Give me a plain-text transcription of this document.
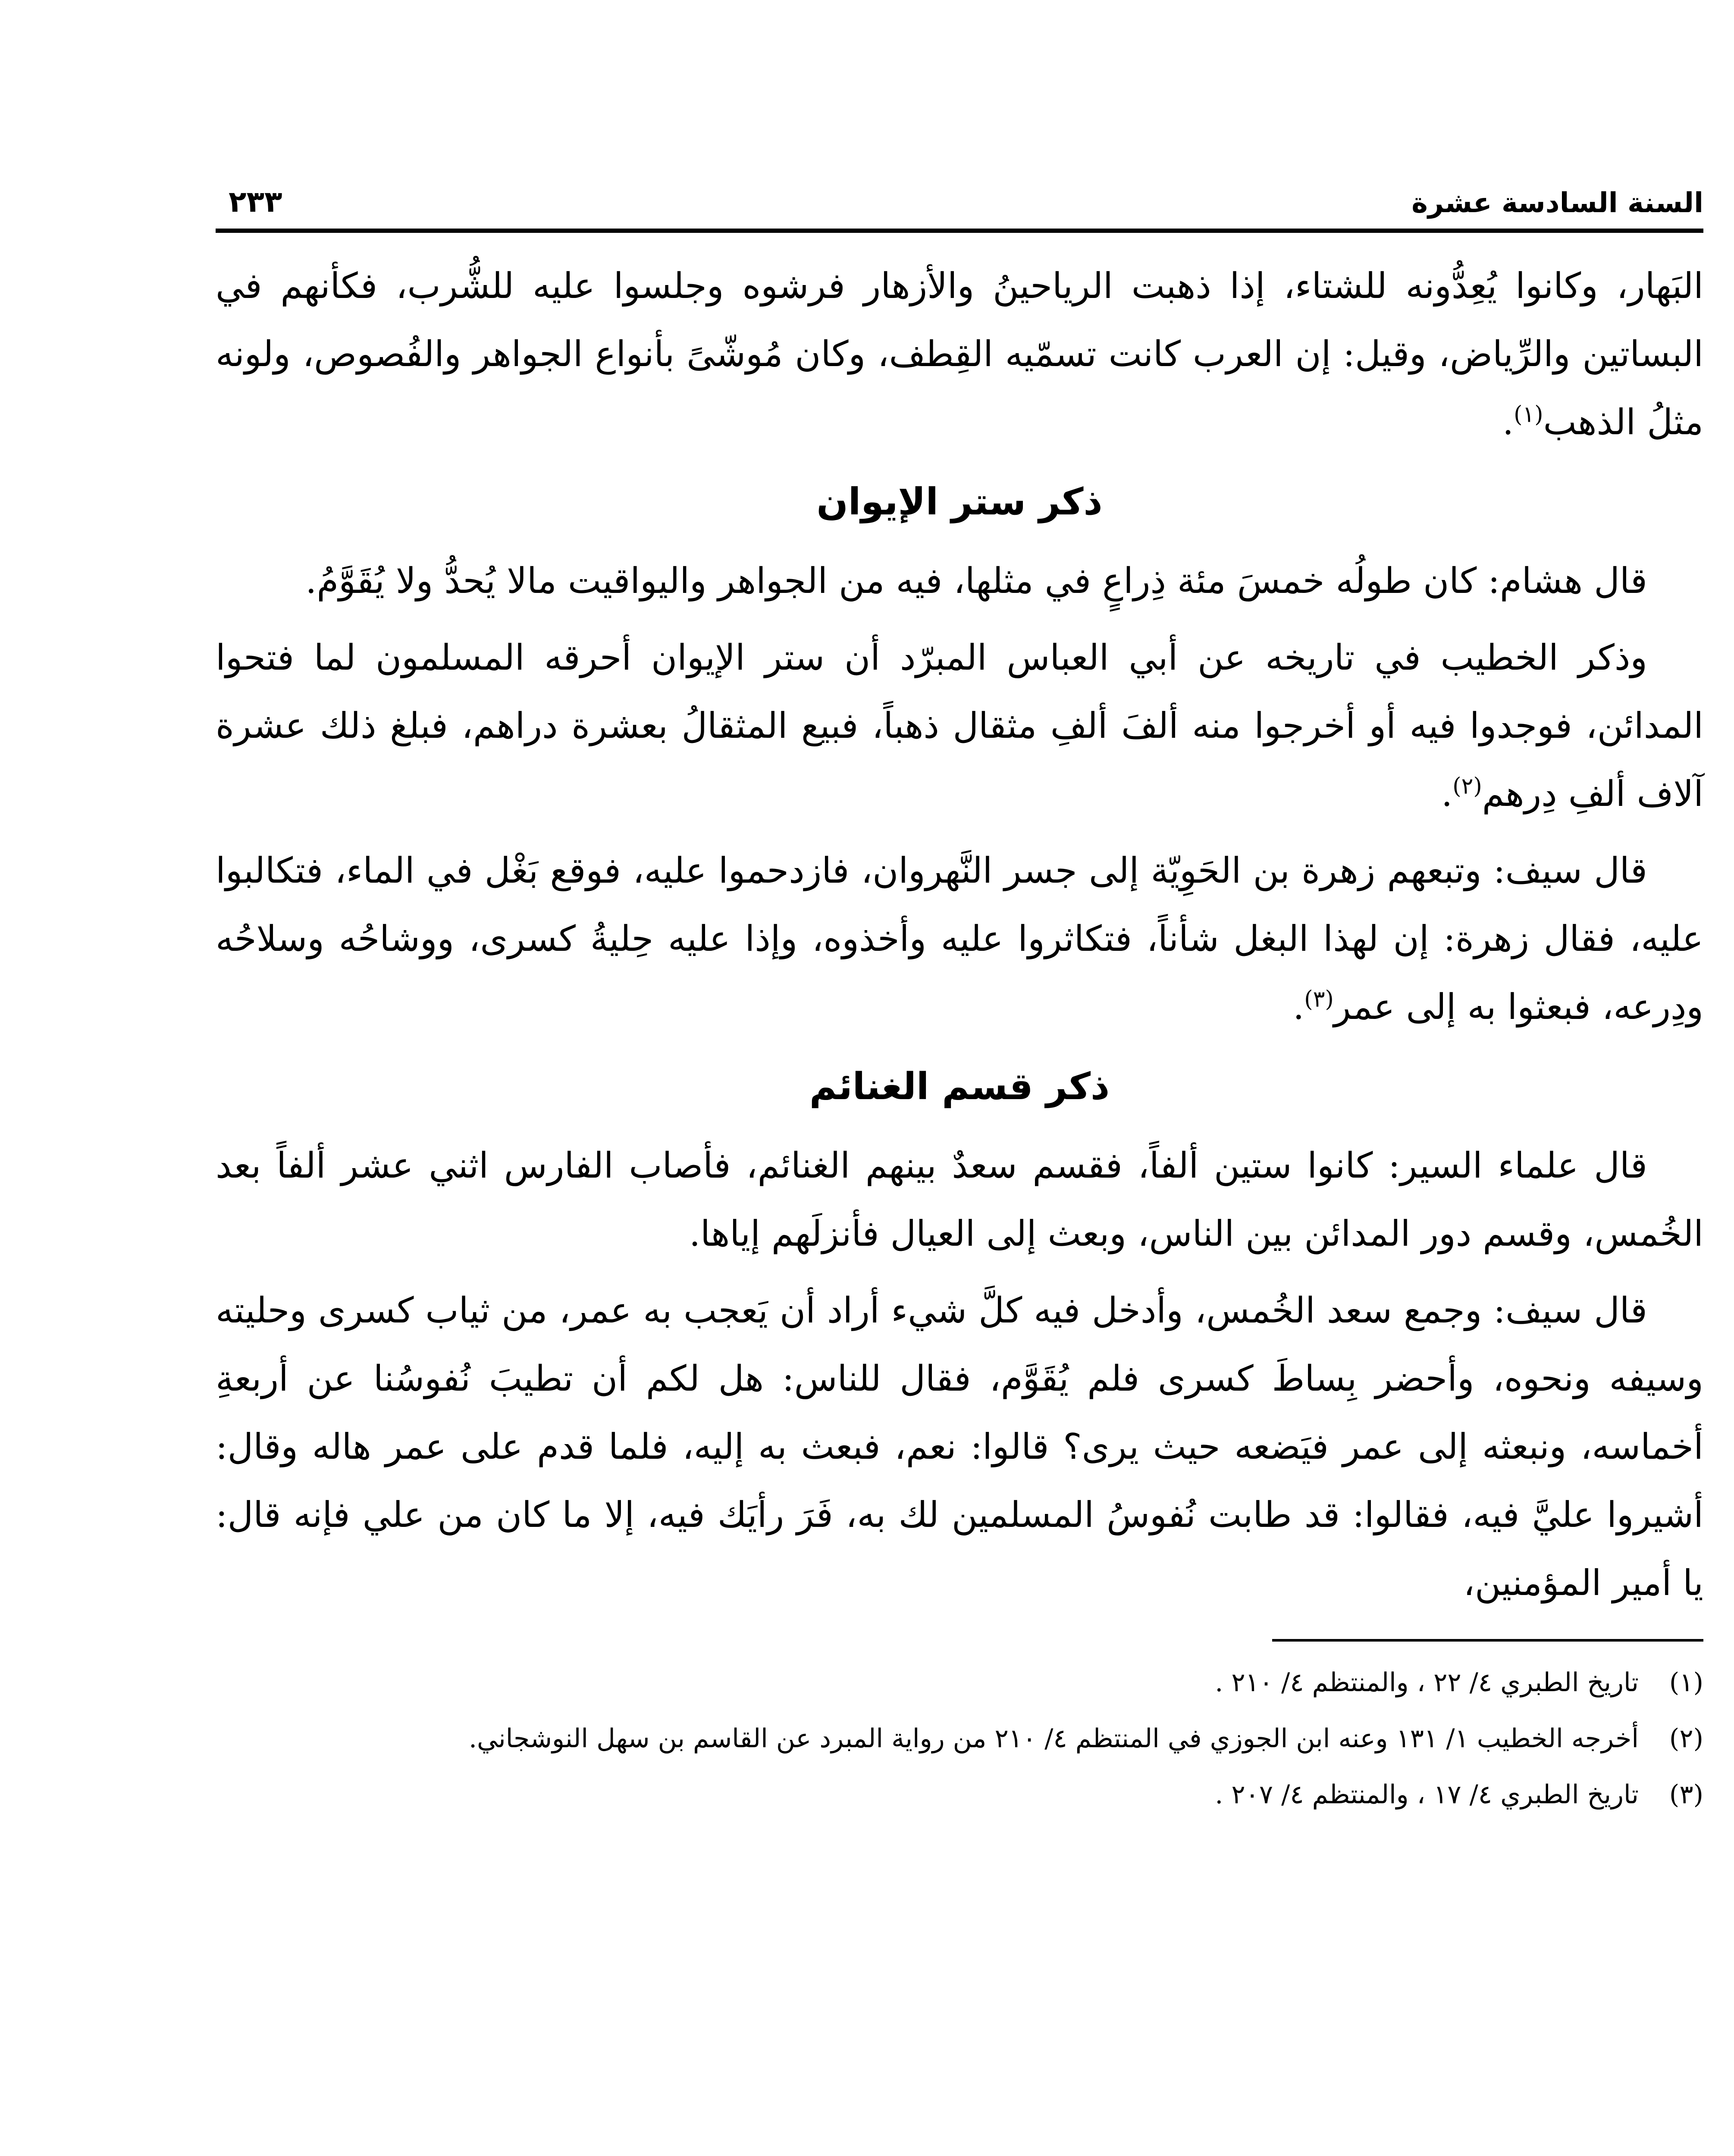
السنة السادسة عشرة
٢٣٣

البَهار، وكانوا يُعِدُّونه للشتاء، إذا ذهبت الرياحينُ والأزهار فرشوه وجلسوا عليه للشُّرب، فكأنهم في البساتين والرِّياض، وقيل: إن العرب كانت تسمّيه القِطف، وكان مُوشّىً بأنواع الجواهر والفُصوص، ولونه مثلُ الذهب$^{(١)}$.

ذكر ستر الإيوان

قال هشام: كان طولُه خمسَ مئة ذِراعٍ في مثلها، فيه من الجواهر واليواقيت مالا يُحدُّ ولا يُقَوَّمُ.

وذكر الخطيب في تاريخه عن أبي العباس المبرّد أن ستر الإيوان أحرقه المسلمون لما فتحوا المدائن، فوجدوا فيه أو أخرجوا منه ألفَ ألفِ مثقال ذهباً، فبيع المثقالُ بعشرة دراهم، فبلغ ذلك عشرة آلاف ألفِ دِرهم$^{(٢)}$.

قال سيف: وتبعهم زهرة بن الحَوِيّة إلى جسر النَّهروان، فازدحموا عليه، فوقع بَغْل في الماء، فتكالبوا عليه، فقال زهرة: إن لهذا البغل شأناً، فتكاثروا عليه وأخذوه، وإذا عليه حِليةُ كسرى، ووشاحُه وسلاحُه ودِرعه، فبعثوا به إلى عمر$^{(٣)}$.

ذكر قسم الغنائم

قال علماء السير: كانوا ستين ألفاً، فقسم سعدٌ بينهم الغنائم، فأصاب الفارس اثني عشر ألفاً بعد الخُمس، وقسم دور المدائن بين الناس، وبعث إلى العيال فأنزلَهم إياها.

قال سيف: وجمع سعد الخُمس، وأدخل فيه كلَّ شيء أراد أن يَعجب به عمر، من ثياب كسرى وحليته وسيفه ونحوه، وأحضر بِساطَ كسرى فلم يُقَوَّم، فقال للناس: هل لكم أن تطيبَ نُفوسُنا عن أربعةِ أخماسه، ونبعثه إلى عمر فيَضعه حيث يرى؟ قالوا: نعم، فبعث به إليه، فلما قدم على عمر هاله وقال: أشيروا عليَّ فيه، فقالوا: قد طابت نُفوسُ المسلمين لك به، فَرَ رأيَك فيه، إلا ما كان من علي فإنه قال: يا أمير المؤمنين،

(١)
تاريخ الطبري ٤/ ٢٢ ، والمنتظم ٤/ ٢١٠ .

(٢)
أخرجه الخطيب ١/ ١٣١ وعنه ابن الجوزي في المنتظم ٤/ ٢١٠ من رواية المبرد عن القاسم بن سهل النوشجاني.

(٣)
تاريخ الطبري ٤/ ١٧ ، والمنتظم ٤/ ٢٠٧ .
